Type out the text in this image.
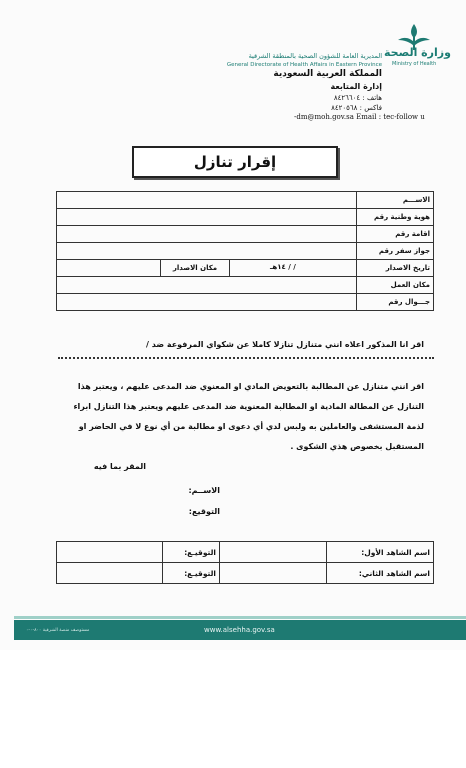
وزارة الصحة
Ministry of Health
المديرية العامة للشؤون الصحية بالمنطقة الشرقية
General Directorate of Health Affairs in Eastern Province
المملكة العربية السعودية
إدارة المتابعة
هاتف : ٨٤٢٦٦٠٤
فاكس : ٨٤٢٠٥٦٨
-dm@moh.gov.sa Email : tec-follow u
إقرار تنازل
الاســـم			
هوية وطنية رقم			
اقامة رقم			
جواز سفر رقم			
تاريخ الاصدار	/ / ١٤هـ	مكان الاصدار	
مكان العمل			
جـــوال رقم			
اقر انا المذكور اعلاه انني متنازل تنازلا كاملا عن شكواي المرفوعة ضد /
اقر انني متنازل عن المطالبة بالتعويض المادي او المعنوي ضد المدعى عليهم ، ويعتبر هذا
التنازل عن المطالة المادية او المطالبة المعنوية ضد المدعى عليهم ويعتبر هذا التنازل ابراء
لذمة المستشفى والعاملين به ولبس لدي أي دعوى او مطالبة من أي نوع لا في الحاضر او
المستقبل بخصوص هذي الشكوى .
المقر بما فيه
الاســم:
التوقيع:
اسم الشاهد الأول:		التوقيـع:	
اسم الشاهد الثاني:		التوقيـع:	
www.alsehha.gov.sa
مستوصف منصة الشرقية ٨٠٠-٠-٠
